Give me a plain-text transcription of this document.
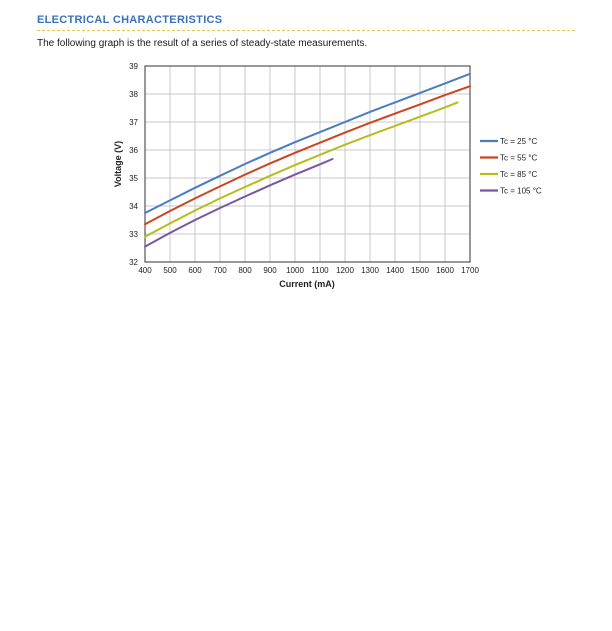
ELECTRICAL CHARACTERISTICS
The following graph is the result of a series of steady-state measurements.
400 500 600 700 800 900 1000 1100 1200 1300 1400 1500 1600 1700
32
33
34
35
36
37
38
39
Current (mA)
Voltage (V)	Tc = 25 °C
Tc = 55 °C
Tc = 85 °C
Tc = 105 °C
